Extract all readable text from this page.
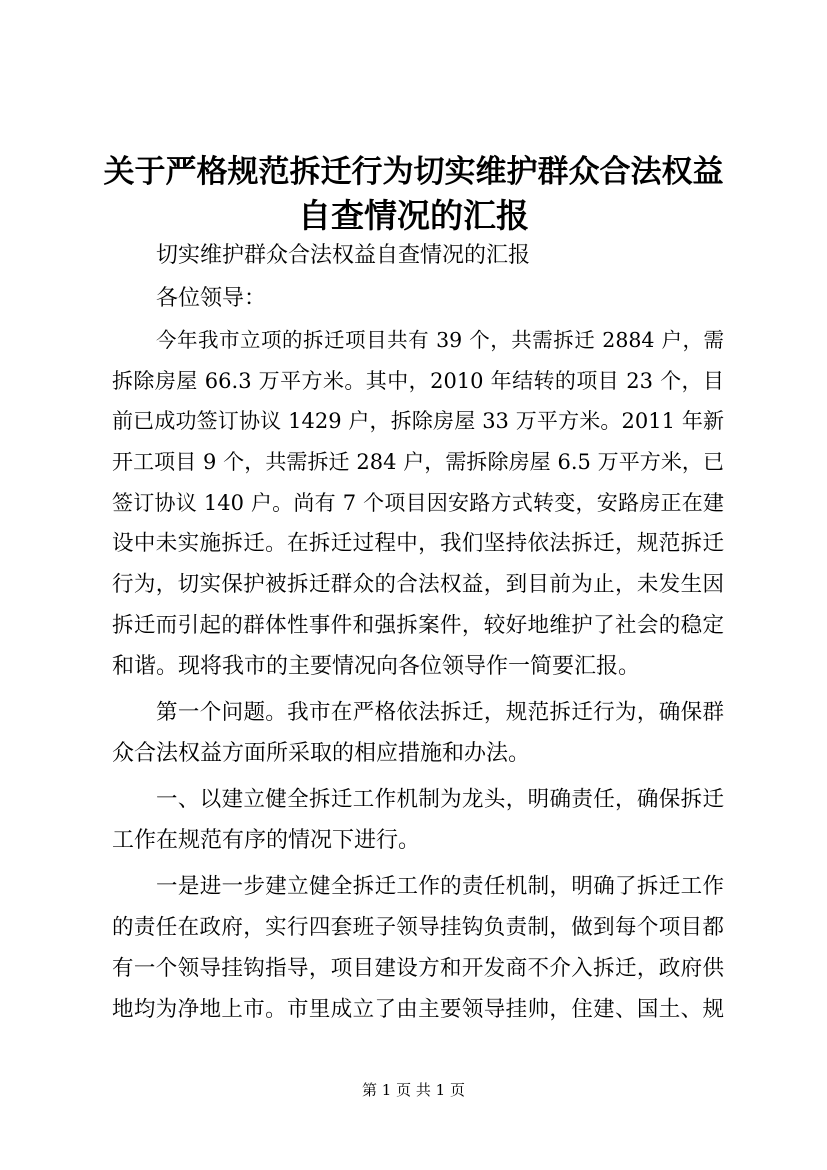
关于严格规范拆迁行为切实维护群众合法权益
自查情况的汇报
切实维护群众合法权益自查情况的汇报
各位领导：
今年我市立项的拆迁项目共有 39 个，共需拆迁 2884 户，需
拆除房屋 66.3 万平方米。其中，2010 年结转的项目 23 个，目
前已成功签订协议 1429 户，拆除房屋 33 万平方米。2011 年新
开工项目 9 个，共需拆迁 284 户，需拆除房屋 6.5 万平方米，已
签订协议 140 户。尚有 7 个项目因安路方式转变，安路房正在建
设中未实施拆迁。在拆迁过程中，我们坚持依法拆迁，规范拆迁
行为，切实保护被拆迁群众的合法权益，到目前为止，未发生因
拆迁而引起的群体性事件和强拆案件，较好地维护了社会的稳定
和谐。现将我市的主要情况向各位领导作一简要汇报。
第一个问题。我市在严格依法拆迁，规范拆迁行为，确保群
众合法权益方面所采取的相应措施和办法。
一、以建立健全拆迁工作机制为龙头，明确责任，确保拆迁
工作在规范有序的情况下进行。
一是进一步建立健全拆迁工作的责任机制，明确了拆迁工作
的责任在政府，实行四套班子领导挂钩负责制，做到每个项目都
有一个领导挂钩指导，项目建设方和开发商不介入拆迁，政府供
地均为净地上市。市里成立了由主要领导挂帅，住建、国土、规
第 1 页 共 1 页
